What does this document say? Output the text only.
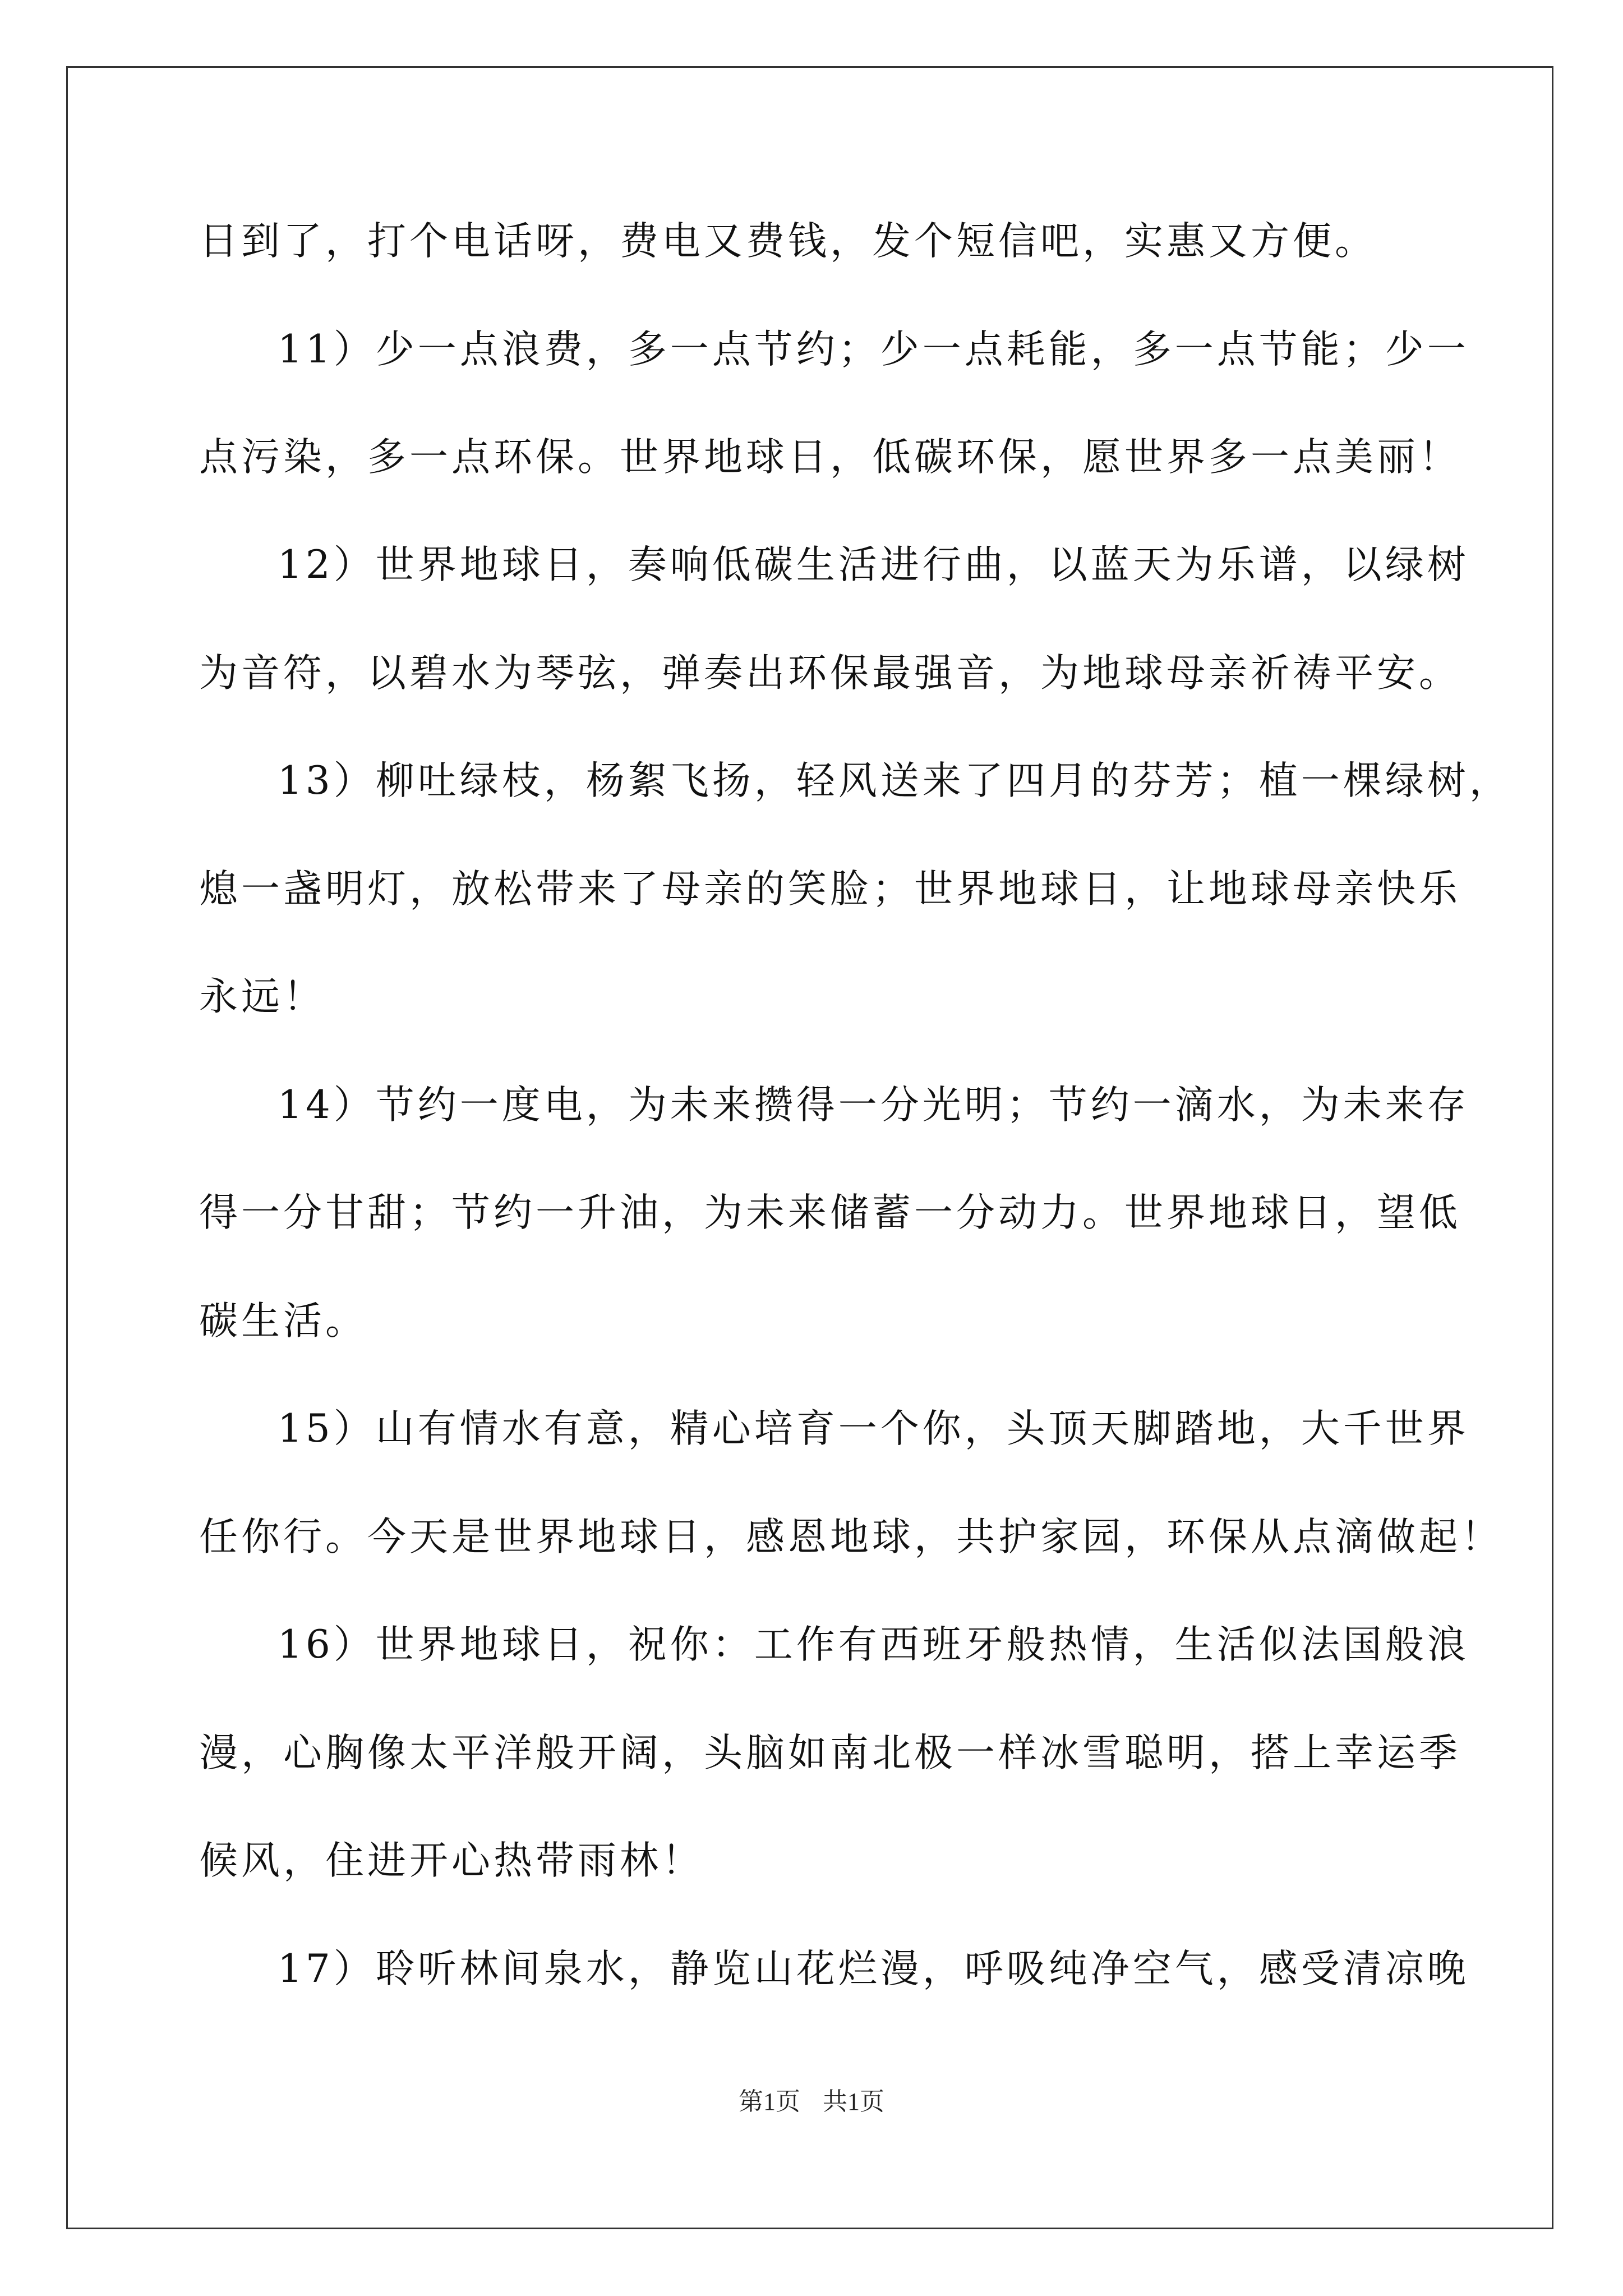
日到了，打个电话呀，费电又费钱，发个短信吧，实惠又方便。
11）少一点浪费，多一点节约；少一点耗能，多一点节能；少一
点污染，多一点环保。世界地球日，低碳环保，愿世界多一点美丽！
12）世界地球日，奏响低碳生活进行曲，以蓝天为乐谱，以绿树
为音符，以碧水为琴弦，弹奏出环保最强音，为地球母亲祈祷平安。
13）柳吐绿枝，杨絮飞扬，轻风送来了四月的芬芳；植一棵绿树，
熄一盏明灯，放松带来了母亲的笑脸；世界地球日，让地球母亲快乐
永远！
14）节约一度电，为未来攒得一分光明；节约一滴水，为未来存
得一分甘甜；节约一升油，为未来储蓄一分动力。世界地球日，望低
碳生活。
15）山有情水有意，精心培育一个你，头顶天脚踏地，大千世界
任你行。今天是世界地球日，感恩地球，共护家园，环保从点滴做起！
16）世界地球日，祝你：工作有西班牙般热情，生活似法国般浪
漫，心胸像太平洋般开阔，头脑如南北极一样冰雪聪明，搭上幸运季
候风，住进开心热带雨林！
17）聆听林间泉水，静览山花烂漫，呼吸纯净空气，感受清凉晚
第1页 共1页
